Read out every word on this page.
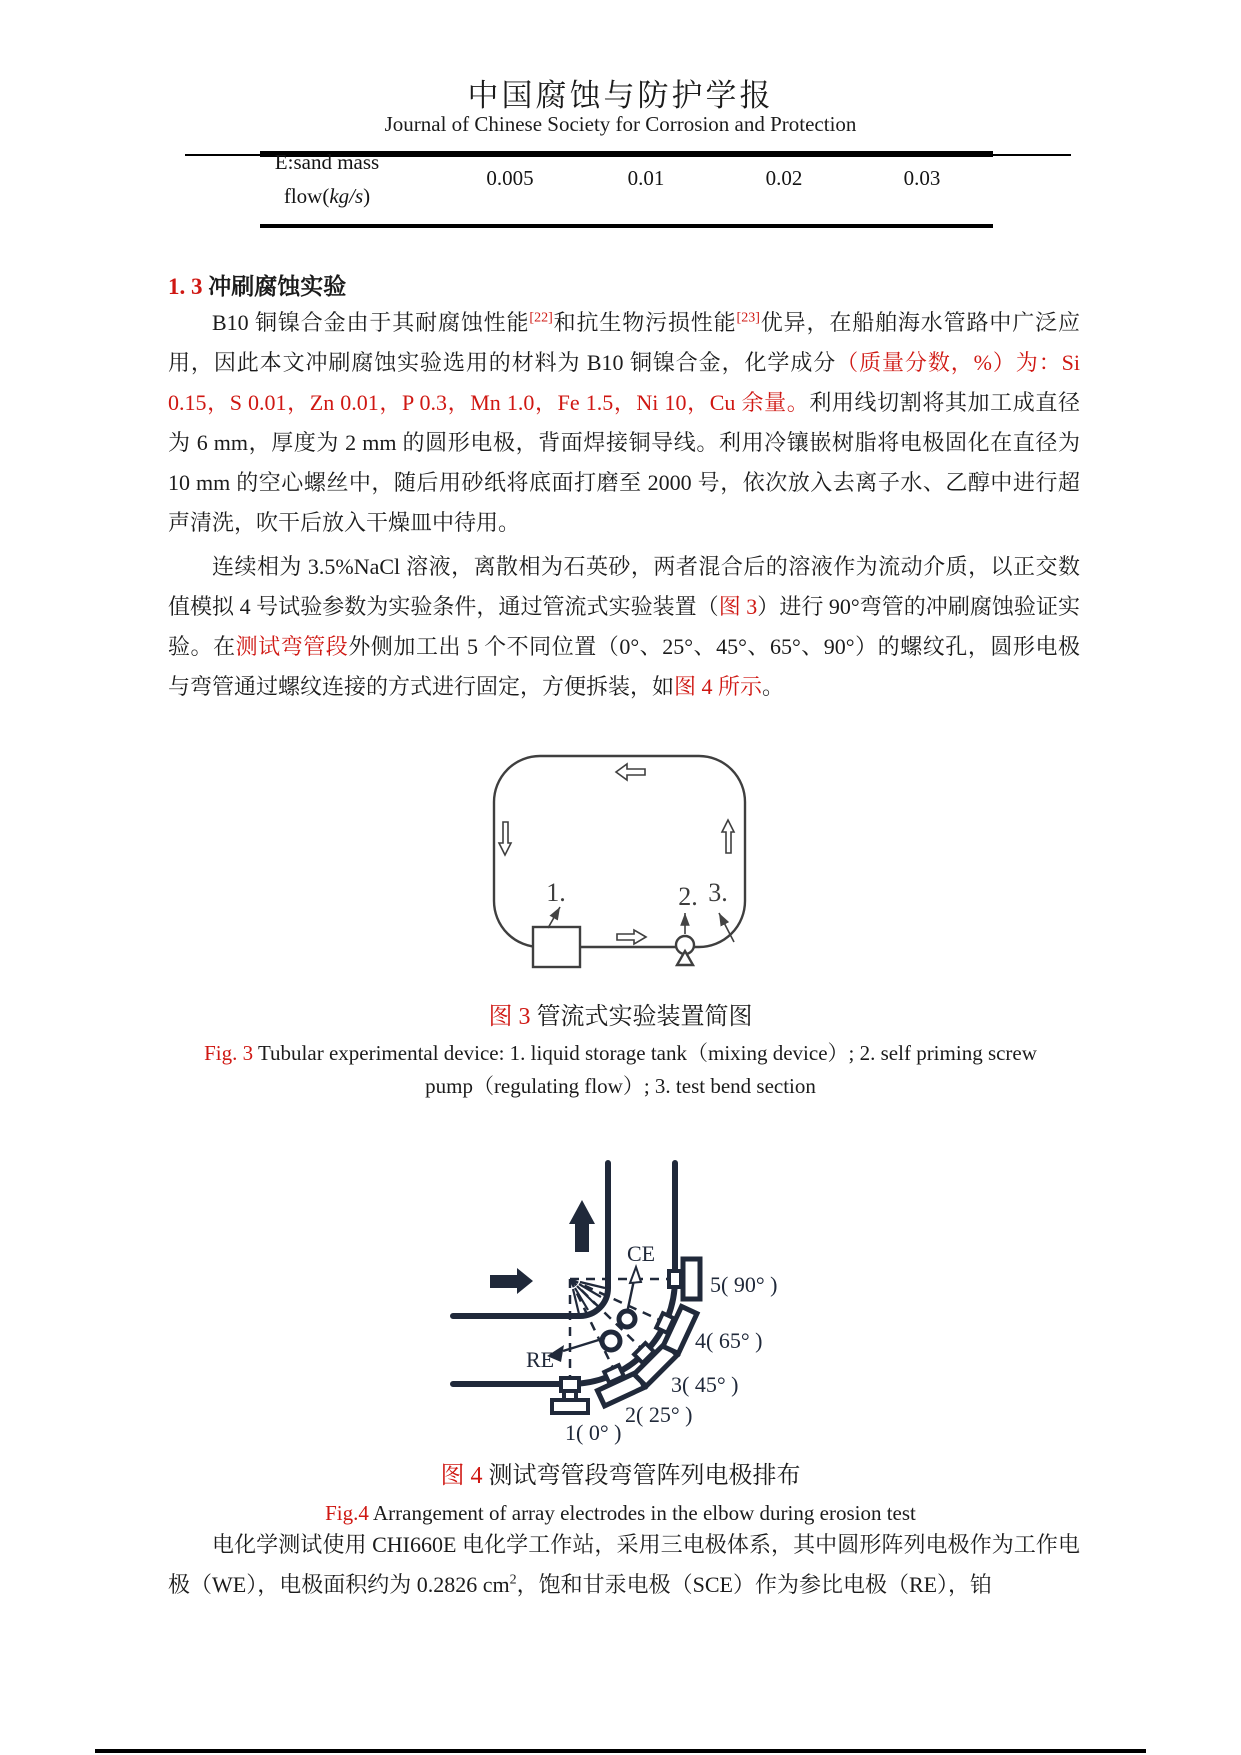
中国腐蚀与防护学报
Journal of Chinese Society for Corrosion and Protection
E:sand mass
flow(kg/s)
0.005	0.01	0.02	0.03
1. 3 冲刷腐蚀实验
B10 铜镍合金由于其耐腐蚀性能[22]和抗生物污损性能[23]优异，在船舶海水管路中广泛应用，因此本文冲刷腐蚀实验选用的材料为 B10 铜镍合金，化学成分（质量分数，%）为：Si 0.15，S 0.01，Zn 0.01，P 0.3，Mn 1.0，Fe 1.5，Ni 10，Cu 余量。利用线切割将其加工成直径为 6 mm，厚度为 2 mm 的圆形电极，背面焊接铜导线。利用冷镶嵌树脂将电极固化在直径为 10 mm 的空心螺丝中，随后用砂纸将底面打磨至 2000 号，依次放入去离子水、乙醇中进行超声清洗，吹干后放入干燥皿中待用。
连续相为 3.5%NaCl 溶液，离散相为石英砂，两者混合后的溶液作为流动介质，以正交数值模拟 4 号试验参数为实验条件，通过管流式实验装置（图 3）进行 90°弯管的冲刷腐蚀验证实验。在测试弯管段外侧加工出 5 个不同位置（0°、25°、45°、65°、90°）的螺纹孔，圆形电极与弯管通过螺纹连接的方式进行固定，方便拆装，如图 4 所示。
1.	2. 3.
CE
RE
5( 90° )
4( 65° )
3( 45° )
2( 25° )
1( 0° )
图 3 管流式实验装置简图
Fig. 3 Tubular experimental device: 1. liquid storage tank（mixing device）; 2. self priming screw
pump（regulating flow）; 3. test bend section
图 4 测试弯管段弯管阵列电极排布
Fig.4 Arrangement of array electrodes in the elbow during erosion test
电化学测试使用 CHI660E 电化学工作站，采用三电极体系，其中圆形阵列电极作为工作电极（WE），电极面积约为 0.2826 $cm^2$，饱和甘汞电极（SCE）作为参比电极（RE），铂
